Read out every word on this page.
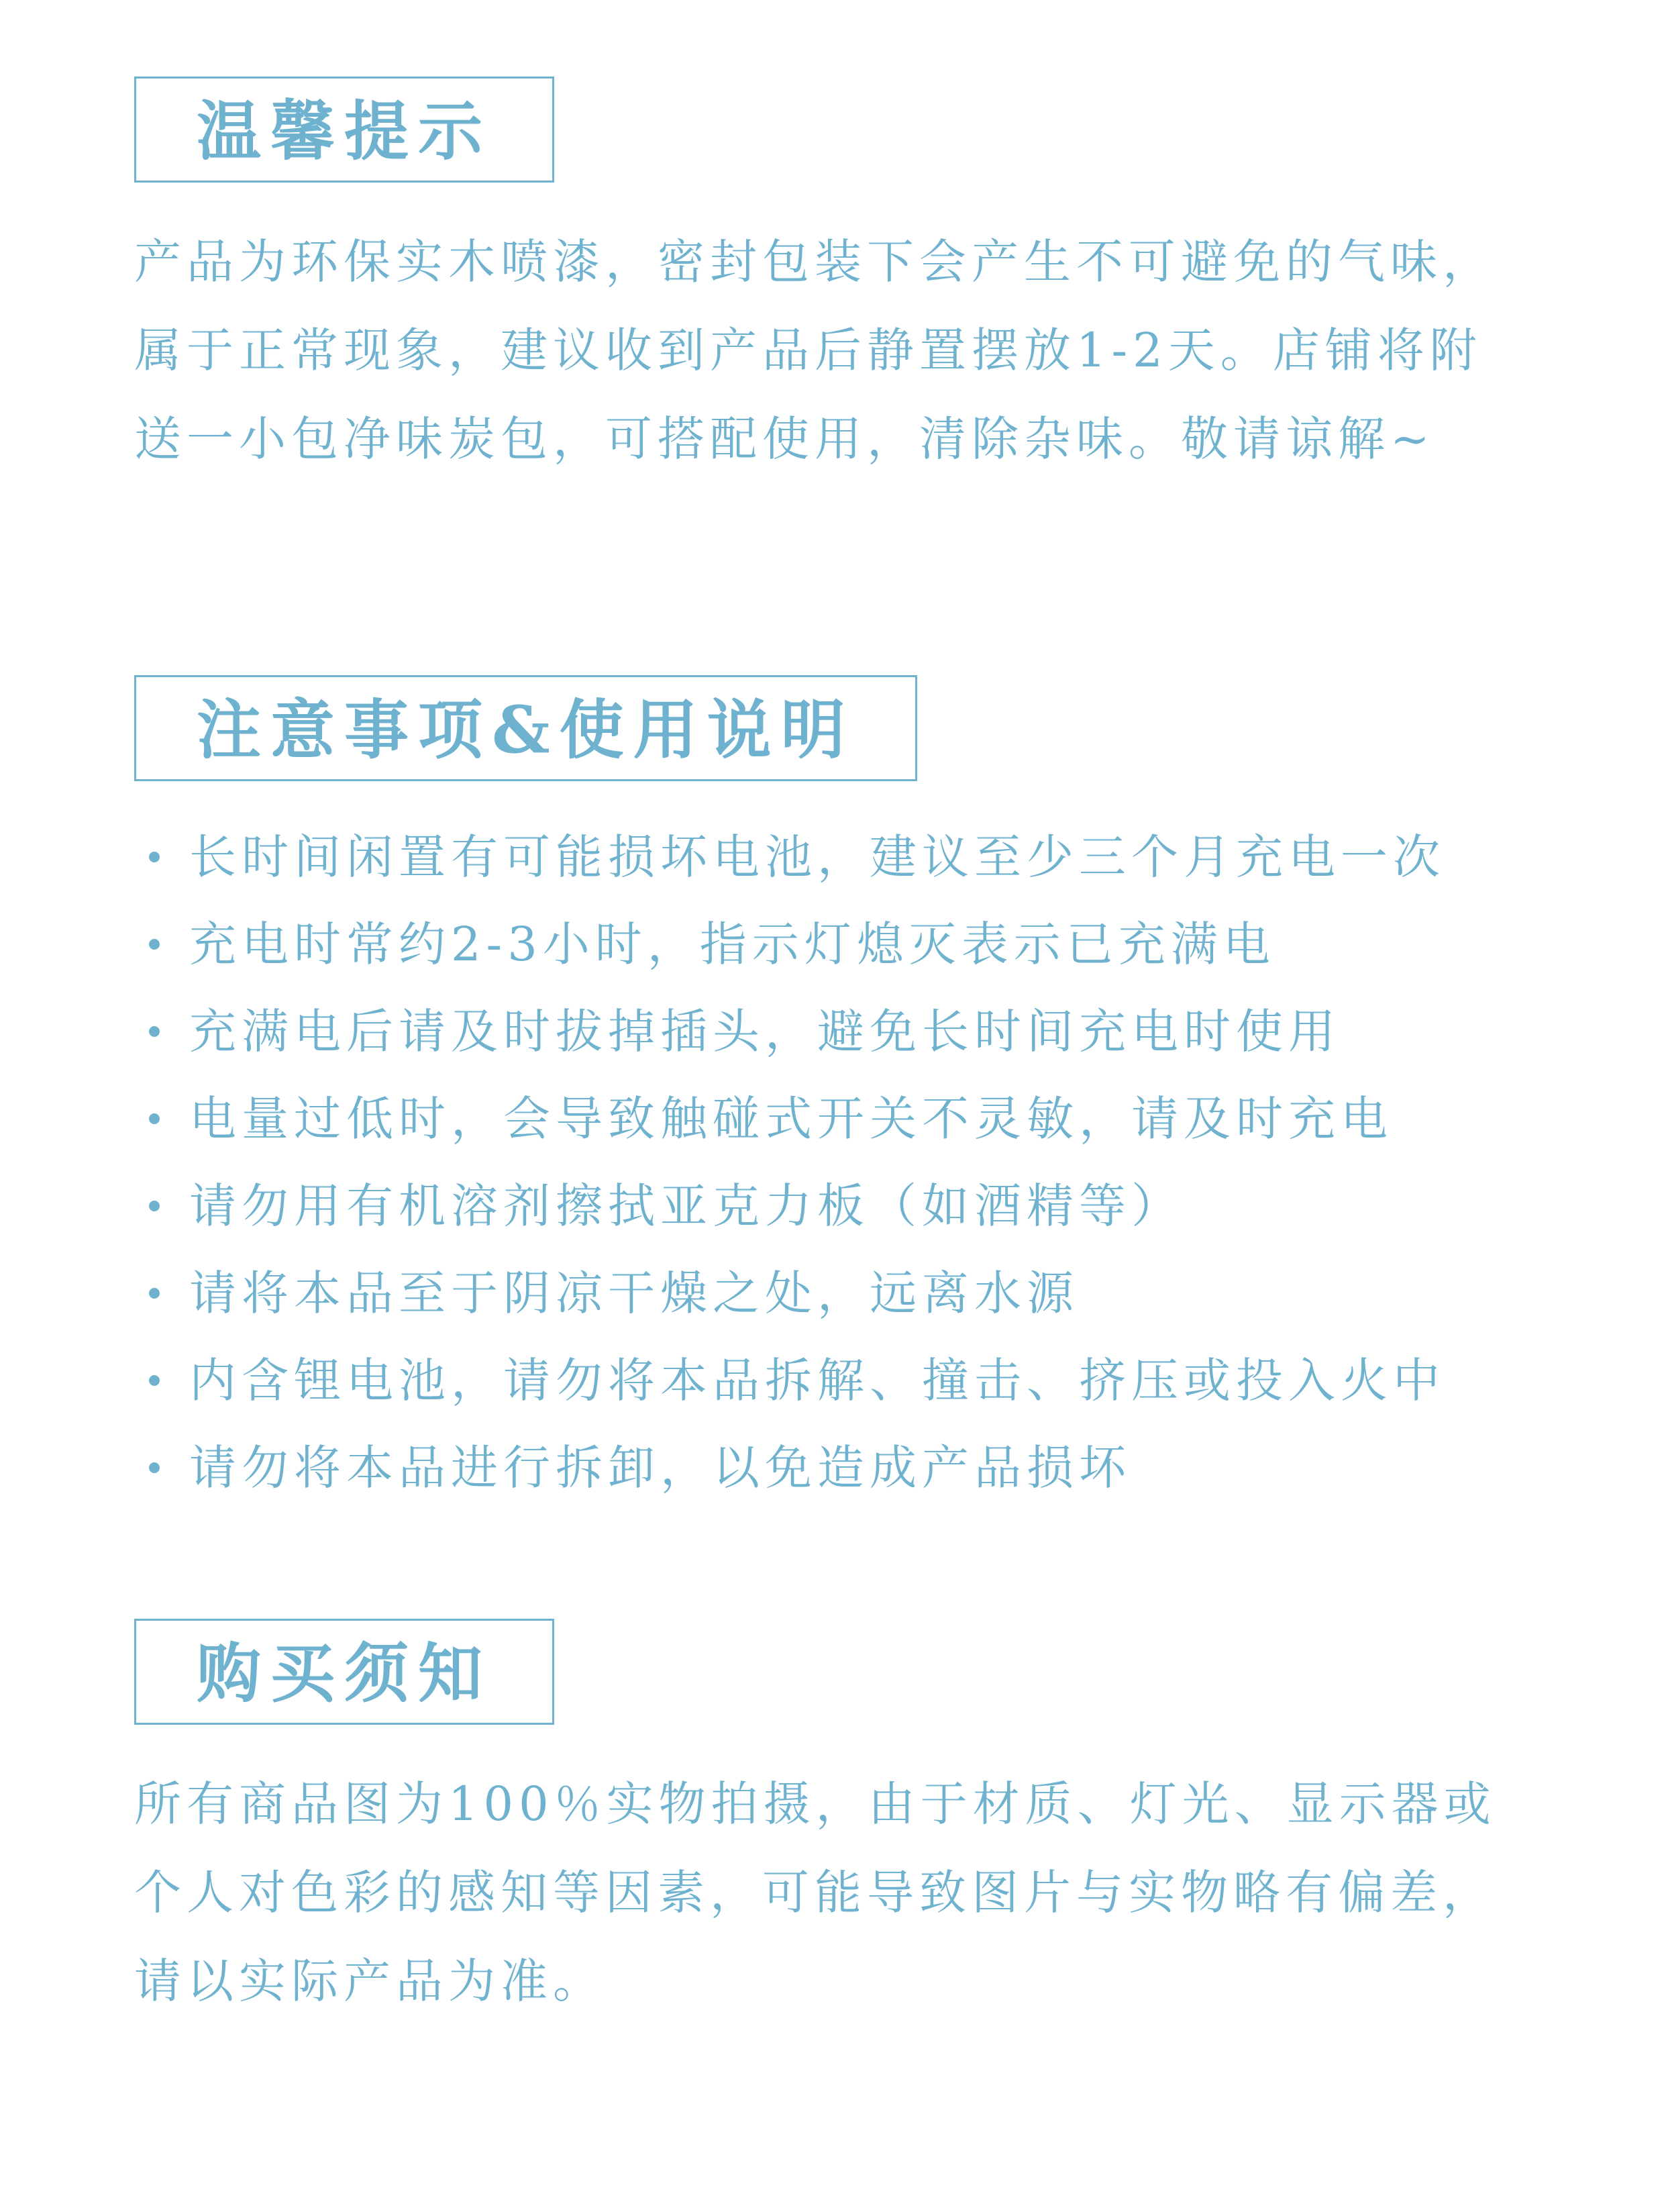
温馨提示

产品为环保实木喷漆，密封包装下会产生不可避免的气味，属于正常现象，建议收到产品后静置摆放1-2天。店铺将附送一小包净味炭包，可搭配使用，清除杂味。敬请谅解~

注意事项&使用说明
长时间闲置有可能损坏电池，建议至少三个月充电一次
充电时常约2-3小时，指示灯熄灭表示已充满电
充满电后请及时拔掉插头，避免长时间充电时使用
电量过低时，会导致触碰式开关不灵敏，请及时充电
请勿用有机溶剂擦拭亚克力板（如酒精等）
请将本品至于阴凉干燥之处，远离水源
内含锂电池，请勿将本品拆解、撞击、挤压或投入火中
请勿将本品进行拆卸，以免造成产品损坏
购买须知

所有商品图为100％实物拍摄，由于材质、灯光、显示器或个人对色彩的感知等因素，可能导致图片与实物略有偏差，请以实际产品为准。
